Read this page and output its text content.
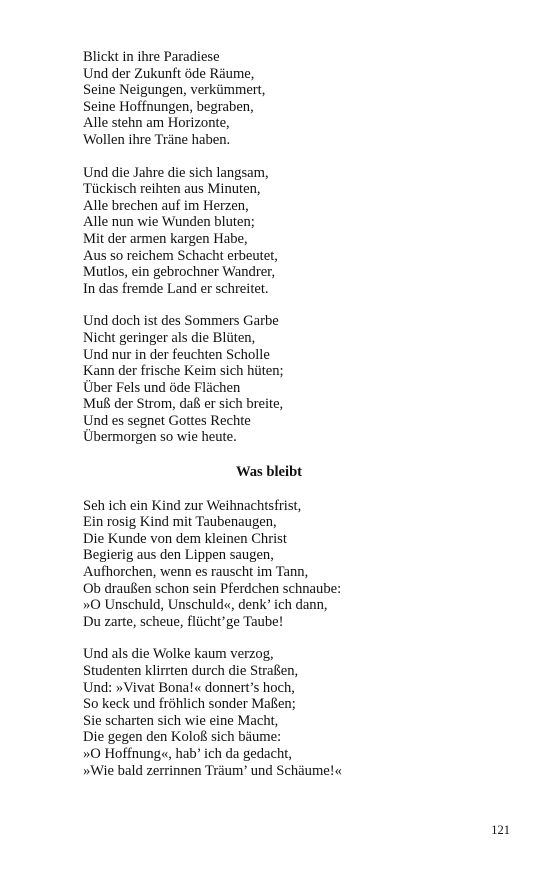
Blickt in ihre Paradiese
Und der Zukunft öde Räume,
Seine Neigungen, verkümmert,
Seine Hoffnungen, begraben,
Alle stehn am Horizonte,
Wollen ihre Träne haben.
Und die Jahre die sich langsam,
Tückisch reihten aus Minuten,
Alle brechen auf im Herzen,
Alle nun wie Wunden bluten;
Mit der armen kargen Habe,
Aus so reichem Schacht erbeutet,
Mutlos, ein gebrochner Wandrer,
In das fremde Land er schreitet.
Und doch ist des Sommers Garbe
Nicht geringer als die Blüten,
Und nur in der feuchten Scholle
Kann der frische Keim sich hüten;
Über Fels und öde Flächen
Muß der Strom, daß er sich breite,
Und es segnet Gottes Rechte
Übermorgen so wie heute.
Was bleibt
Seh ich ein Kind zur Weihnachtsfrist,
Ein rosig Kind mit Taubenaugen,
Die Kunde von dem kleinen Christ
Begierig aus den Lippen saugen,
Aufhorchen, wenn es rauscht im Tann,
Ob draußen schon sein Pferdchen schnaube:
»O Unschuld, Unschuld«, denk’ ich dann,
Du zarte, scheue, flücht’ge Taube!
Und als die Wolke kaum verzog,
Studenten klirrten durch die Straßen,
Und: »Vivat Bona!« donnert’s hoch,
So keck und fröhlich sonder Maßen;
Sie scharten sich wie eine Macht,
Die gegen den Koloß sich bäume:
»O Hoffnung«, hab’ ich da gedacht,
»Wie bald zerrinnen Träum’ und Schäume!«
121
